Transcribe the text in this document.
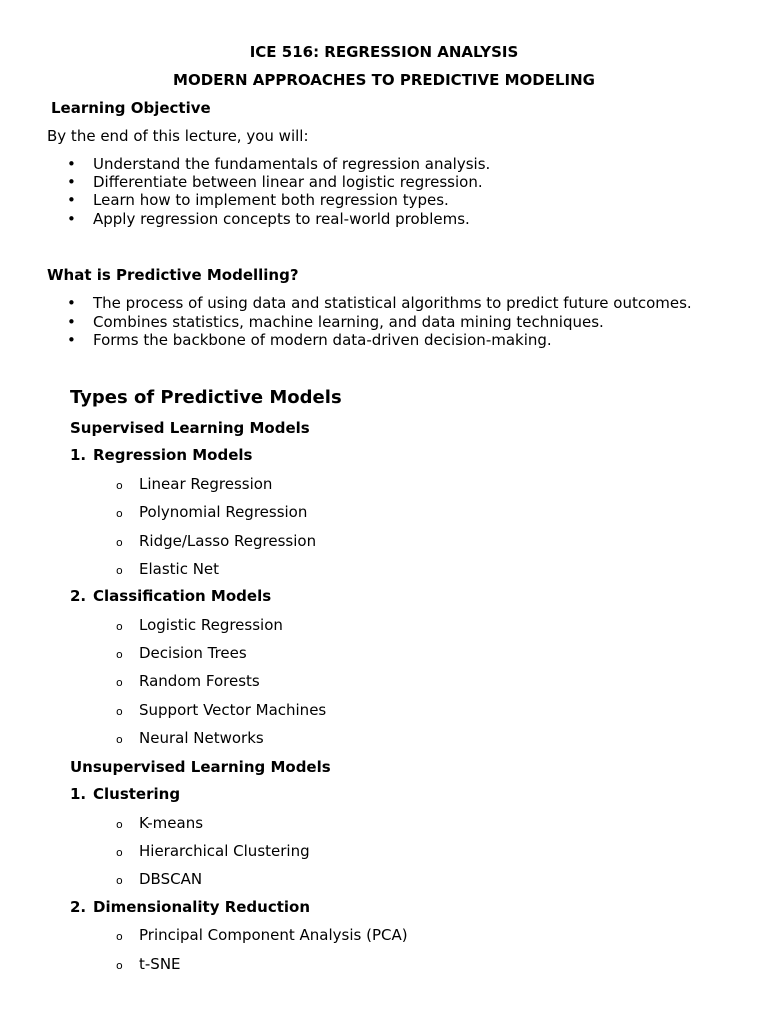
ICE 516: REGRESSION ANALYSIS
MODERN APPROACHES TO PREDICTIVE MODELING
Learning Objective
By the end of this lecture, you will:
• Understand the fundamentals of regression analysis.
• Differentiate between linear and logistic regression.
• Learn how to implement both regression types.
• Apply regression concepts to real-world problems.
What is Predictive Modelling?
• The process of using data and statistical algorithms to predict future outcomes.
• Combines statistics, machine learning, and data mining techniques.
• Forms the backbone of modern data-driven decision-making.
Types of Predictive Models
Supervised Learning Models
1. Regression Models
o Linear Regression
o Polynomial Regression
o Ridge/Lasso Regression
o Elastic Net
2. Classification Models
o Logistic Regression
o Decision Trees
o Random Forests
o Support Vector Machines
o Neural Networks
Unsupervised Learning Models
1. Clustering
o K-means
o Hierarchical Clustering
o DBSCAN
2. Dimensionality Reduction
o Principal Component Analysis (PCA)
o t-SNE
